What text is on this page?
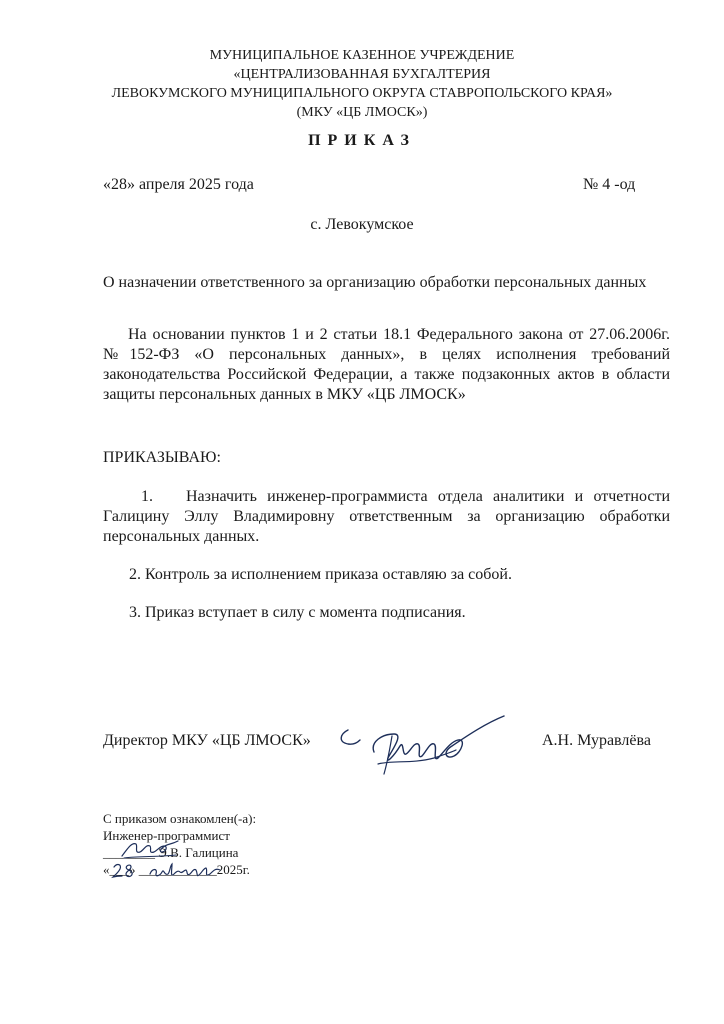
МУНИЦИПАЛЬНОЕ КАЗЕННОЕ УЧРЕЖДЕНИЕ
«ЦЕНТРАЛИЗОВАННАЯ БУХГАЛТЕРИЯ
ЛЕВОКУМСКОГО МУНИЦИПАЛЬНОГО ОКРУГА СТАВРОПОЛЬСКОГО КРАЯ»
(МКУ «ЦБ ЛМОСК»)
ПРИКАЗ
«28» апреля 2025 года	№ 4 -од
с. Левокумское
О назначении ответственного за организацию обработки персональных данных
На основании пунктов 1 и 2 статьи 18.1 Федерального закона от 27.06.2006г. №152-ФЗ «О персональных данных», в целях исполнения требований законодательства Российской Федерации, а также подзаконных актов в области защиты персональных данных в МКУ «ЦБ ЛМОСК»
ПРИКАЗЫВАЮ:
1. Назначить инженер-программиста отдела аналитики и отчетности Галицину Эллу Владимировну ответственным за организацию обработки персональных данных.
2. Контроль за исполнением приказа оставляю за собой.
3. Приказ вступает в силу с момента подписания.
Директор МКУ «ЦБ ЛМОСК»	А.Н. Муравлёва
С приказом ознакомлен(-а):
Инженер-программист
________ Э.В. Галицина
«___» ____________2025г.
